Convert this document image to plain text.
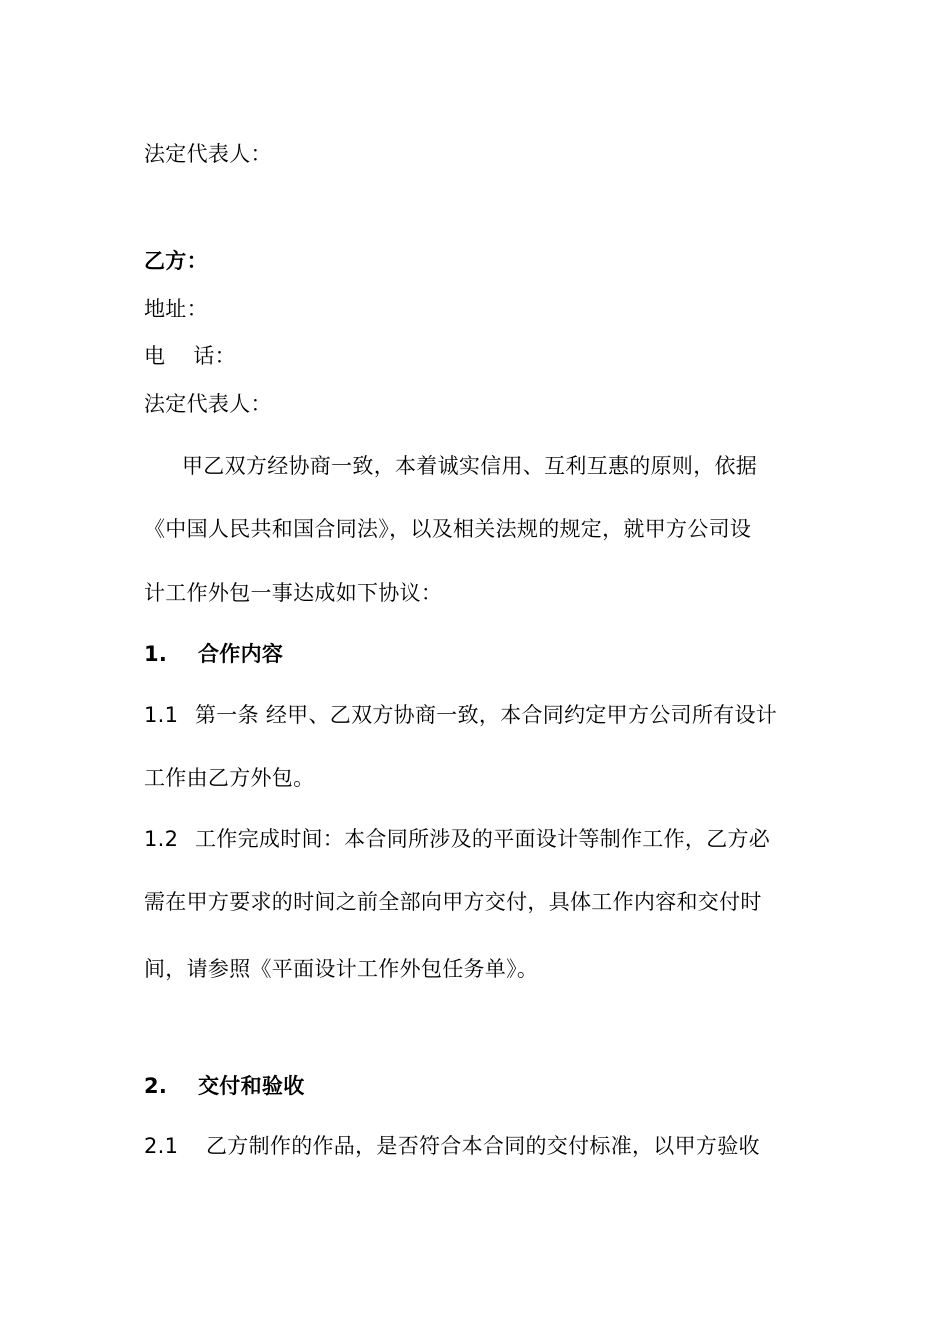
法定代表人：
乙方：
地址：
电 话：
法定代表人：
甲乙双方经协商一致，本着诚实信用、互利互惠的原则，依据
《中国人民共和国合同法》，以及相关法规的规定，就甲方公司设
计工作外包一事达成如下协议：
1. 合作内容
1.1 第一条 经甲、乙双方协商一致，本合同约定甲方公司所有设计
工作由乙方外包。
1.2 工作完成时间：本合同所涉及的平面设计等制作工作，乙方必
需在甲方要求的时间之前全部向甲方交付，具体工作内容和交付时
间，请参照《平面设计工作外包任务单》。
2. 交付和验收
2.1 乙方制作的作品，是否符合本合同的交付标准，以甲方验收
